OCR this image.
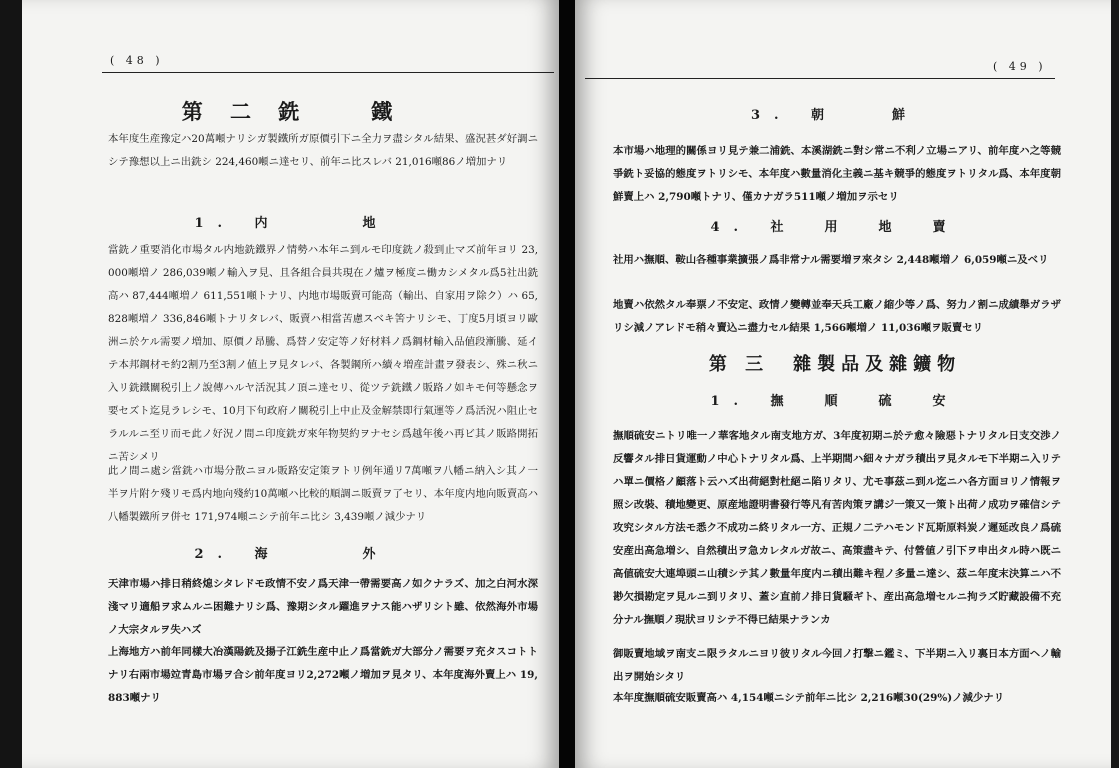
( 48 )
第 二 銑　　鐵

本年度生産豫定ハ20萬噸ナリシガ製鐵所ガ原價引下ニ全力ヲ盡シタル結果、盛況甚ダ好調ニシテ豫想以上ニ出銑シ 224,460噸ニ達セリ、前年ニ比スレバ 21,016噸86ノ増加ナリ

1. 内　　　地

當銑ノ重要消化市場タル内地銑鐵界ノ情勢ハ本年ニ到ルモ印度銑ノ殺到止マズ前年ヨリ 23,000噸増ノ 286,039噸ノ輸入ヲ見、且各組合員共現在ノ爐ヲ極度ニ働カシメタル爲5社出銑高ハ 87,444噸増ノ 611,551噸トナリ、内地市場販賣可能高（輸出、自家用ヲ除ク）ハ 65,828噸増ノ 336,846噸トナリタレバ、販賣ハ相當苦慮スベキ筈ナリシモ、丁度5月頃ヨリ歐洲ニ於ケル需要ノ増加、原價ノ昂騰、爲替ノ安定等ノ好材料ノ爲鋼材輸入品値段漸騰、延イテ本邦鋼材モ約2割乃至3割ノ値上ヲ見タレバ、各製鋼所ハ續々増産計畫ヲ發表シ、殊ニ秋ニ入リ銑鐵關税引上ノ說傳ハルヤ活況其ノ頂ニ達セリ、從ツテ銑鐵ノ販路ノ如キモ何等懸念ヲ要セズト迄見ラレシモ、10月下旬政府ノ關税引上中止及金解禁即行氣運等ノ爲活況ハ阻止セラルルニ至リ而モ此ノ好況ノ間ニ印度銑ガ來年物契約ヲナセシ爲越年後ハ再ビ其ノ販路開拓ニ苦シメリ

此ノ間ニ處シ當銑ハ市場分散ニヨル販路安定策ヲトリ例年通リ7萬噸ヲ八幡ニ納入シ其ノ一半ヲ片附ケ殘リモ爲内地向殘約10萬噸ハ比較的順調ニ販賣ヲ了セリ、本年度内地向販賣高ハ八幡製鐵所ヲ併セ 171,974噸ニシテ前年ニ比シ 3,439噸ノ減少ナリ

2. 海　　　外

天津市場ハ排日稍終熄シタレドモ政情不安ノ爲天津一帶需要高ノ如クナラズ、加之白河水深淺マリ適船ヲ求ムルニ困難ナリシ爲、豫期シタル躍進ヲナス能ハザリシト雖、依然海外市場ノ大宗タルヲ失ハズ

上海地方ハ前年同樣大冶漢陽銑及揚子江銑生産中止ノ爲當銑ガ大部分ノ需要ヲ充タスコトトナリ右兩市場竝青島市場ヲ合シ前年度ヨリ2,272噸ノ増加ヲ見タリ、本年度海外賣上ハ 19,883噸ナリ

( 49 )
3. 朝　　鮮

本市場ハ地理的關係ヨリ見テ兼二浦銑、本溪湖銑ニ對シ常ニ不利ノ立場ニアリ、前年度ハ之等競爭銑ト妥協的態度ヲトリシモ、本年度ハ數量消化主義ニ基キ競爭的態度ヲトリタル爲、本年度朝鮮賣上ハ 2,790噸トナリ、僅カナガラ511噸ノ増加ヲ示セリ

4. 社　用　地　賣

社用ハ撫順、鞍山各種事業擴張ノ爲非常ナル需要増ヲ來タシ 2,448噸増ノ 6,059噸ニ及ベリ

地賣ハ依然タル奉票ノ不安定、政情ノ變轉並奉天兵工廠ノ縮少等ノ爲、努力ノ割ニ成績舉ガラザリシ減ノアレドモ稍々賣込ニ盡力セル結果 1,566噸増ノ 11,036噸ヲ販賣セリ

第 三　雜製品及雜鑛物
1. 撫　順　硫　安

撫順硫安ニトリ唯一ノ華客地タル南支地方ガ、3年度初期ニ於テ愈々險惡トナリタル日支交渉ノ反響タル排日貨運動ノ中心トナリタル爲、上半期間ハ細々ナガラ積出ヲ見タルモ下半期ニ入リテハ單ニ價格ノ顧落ト云ハズ出荷絕對杜絕ニ陷リタリ、尤モ事茲ニ到ル迄ニハ各方面ヨリノ情報ヲ照シ改裝、積地變更、原産地證明書發行等凡有苦肉策ヲ講ジ一策又一策ト出荷ノ成功ヲ確信シテ攻究シタル方法モ悉ク不成功ニ終リタル一方、正規ノ二テハモンド瓦斯原料炭ノ遲延改良ノ爲硫安産出高急増シ、自然積出ヲ急カレタルガ故ニ、高策盡キテ、付營値ノ引下ヲ申出タル時ハ既ニ高値硫安大連埠頭ニ山積シテ其ノ數量年度内ニ積出難キ程ノ多量ニ達シ、茲ニ年度末決算ニハ不尠欠損勘定ヲ見ルニ到リタリ、蓋シ直前ノ排日貨騒ギト、産出高急増セルニ拘ラズ貯藏設備不充分ナル撫順ノ現狀ヨリシテ不得已結果ナランカ

御販賣地域ヲ南支ニ限ラタルニヨリ彼リタル今回ノ打撃ニ鑑ミ、下半期ニ入リ裏日本方面ヘノ輸出ヲ開始シタリ

本年度撫順硫安販賣高ハ 4,154噸ニシテ前年ニ比シ 2,216噸30(29%)ノ減少ナリ
